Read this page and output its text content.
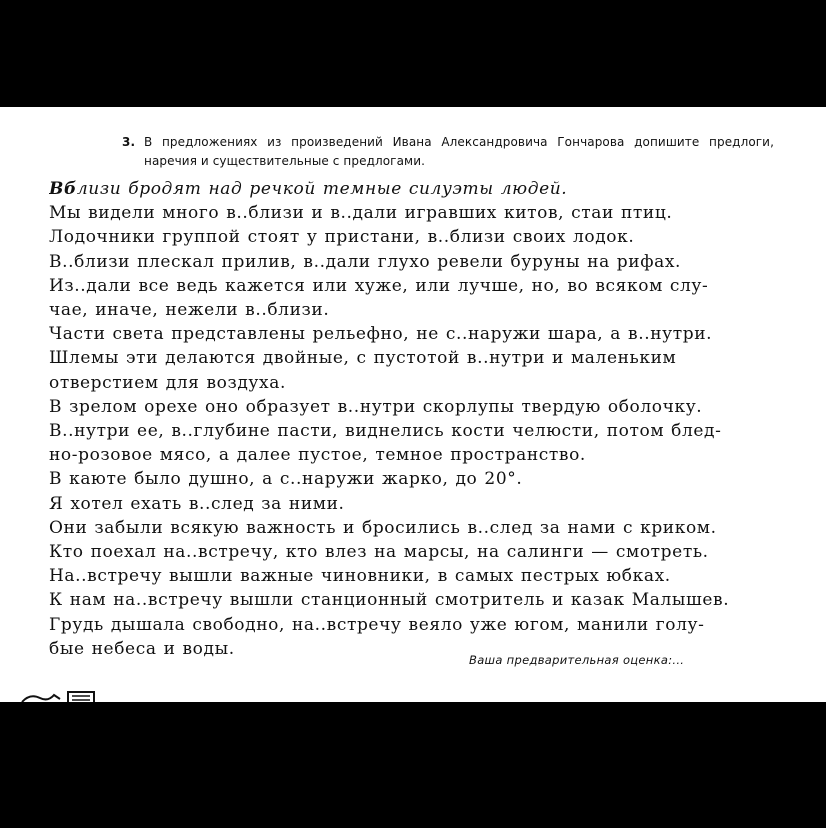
3. В предложениях из произведений Ивана Александровича Гончарова допишите предлоги, наречия и существительные с предлогами.
Вблизи бродят над речкой темные силуэты людей.
Мы видели много в..близи и в..дали игравших китов, стаи птиц.
Лодочники группой стоят у пристани, в..близи своих лодок.
В..близи плескал прилив, в..дали глухо ревели буруны на рифах.
Из..дали все ведь кажется или хуже, или лучше, но, во всяком слу-
чае, иначе, нежели в..близи.
Части света представлены рельефно, не с..наружи шара, а в..нутри.
Шлемы эти делаются двойные, с пустотой в..нутри и маленьким
отверстием для воздуха.
В зрелом орехе оно образует в..нутри скорлупы твердую оболочку.
В..нутри ее, в..глубине пасти, виднелись кости челюсти, потом блед-
но-розовое мясо, а далее пустое, темное пространство.
В каюте было душно, а с..наружи жарко, до 20°.
Я хотел ехать в..след за ними.
Они забыли всякую важность и бросились в..след за нами с криком.
Кто поехал на..встречу, кто влез на марсы, на салинги — смотреть.
На..встречу вышли важные чиновники, в самых пестрых юбках.
К нам на..встречу вышли станционный смотритель и казак Малышев.
Грудь дышала свободно, на..встречу веяло уже югом, манили голу-
бые небеса и воды.
Ваша предварительная оценка:...
